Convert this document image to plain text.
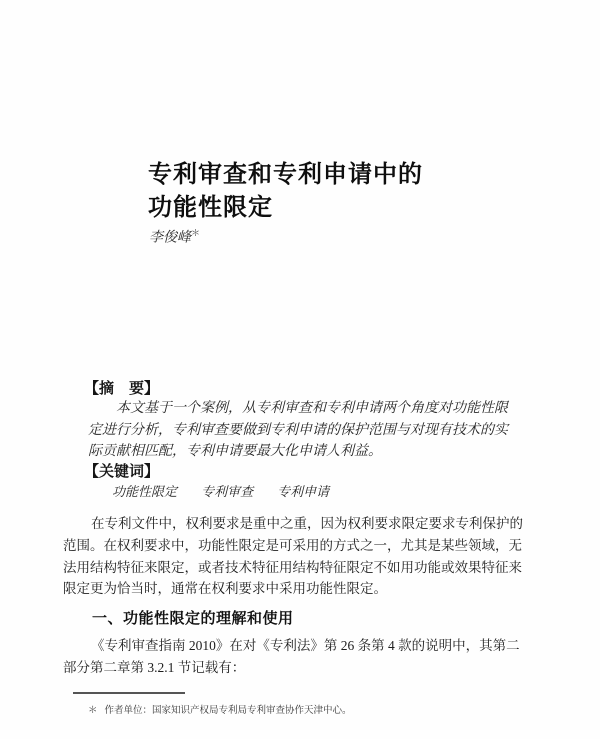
专利审查和专利申请中的
功能性限定
李俊峰＊
【摘　要】
本文基于一个案例，从专利审查和专利申请两个角度对功能性限
定进行分析，专利审查要做到专利申请的保护范围与对现有技术的实
际贡献相匹配，专利申请要最大化申请人利益。
【关键词】
功能性限定 专利审查 专利申请
在专利文件中，权利要求是重中之重，因为权利要求限定要求专利保护的
范围。在权利要求中，功能性限定是可采用的方式之一，尤其是某些领域，无
法用结构特征来限定，或者技术特征用结构特征限定不如用功能或效果特征来
限定更为恰当时，通常在权利要求中采用功能性限定。
一、功能性限定的理解和使用
《专利审查指南 2010》在对《专利法》第 26 条第 4 款的说明中，其第二
部分第二章第 3.2.1 节记载有：
＊ 作者单位：国家知识产权局专利局专利审查协作天津中心。
